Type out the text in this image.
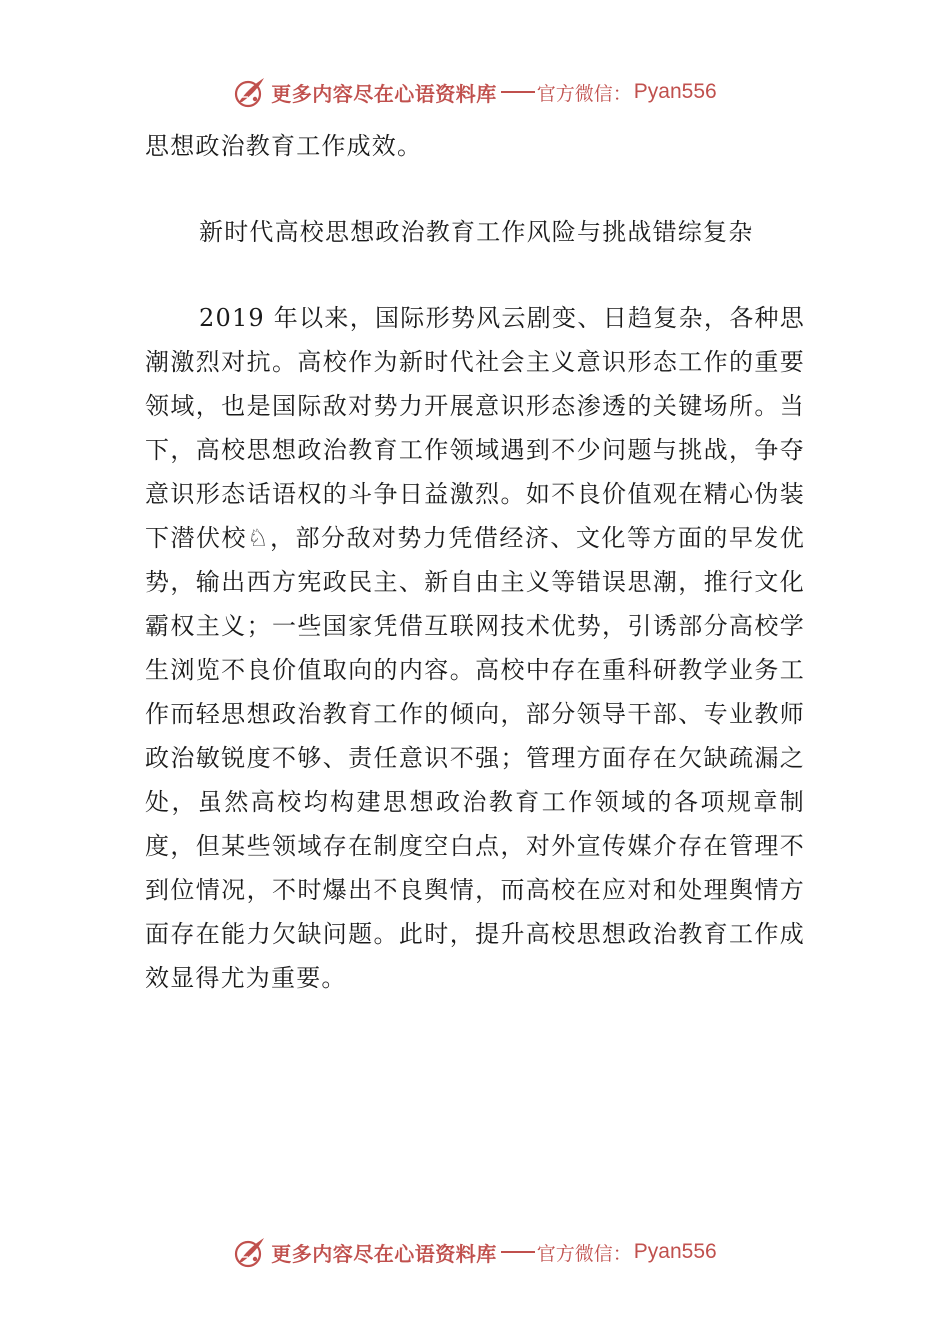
更多内容尽在心语资料库 官方微信： Pyan556

思想政治教育工作成效。

新时代高校思想政治教育工作风险与挑战错综复杂

2019 年以来，国际形势风云剧变、日趋复杂，各种思潮激烈对抗。高校作为新时代社会主义意识形态工作的重要领域，也是国际敌对势力开展意识形态渗透的关键场所。当下，高校思想政治教育工作领域遇到不少问题与挑战，争夺意识形态话语权的斗争日益激烈。如不良价值观在精心伪装下潜伏校♘，部分敌对势力凭借经济、文化等方面的早发优势，输出西方宪政民主、新自由主义等错误思潮，推行文化霸权主义；一些国家凭借互联网技术优势，引诱部分高校学生浏览不良价值取向的内容。高校中存在重科研教学业务工作而轻思想政治教育工作的倾向，部分领导干部、专业教师政治敏锐度不够、责任意识不强；管理方面存在欠缺疏漏之处，虽然高校均构建思想政治教育工作领域的各项规章制度，但某些领域存在制度空白点，对外宣传媒介存在管理不到位情况，不时爆出不良舆情，而高校在应对和处理舆情方面存在能力欠缺问题。此时，提升高校思想政治教育工作成效显得尤为重要。

更多内容尽在心语资料库 官方微信： Pyan556
